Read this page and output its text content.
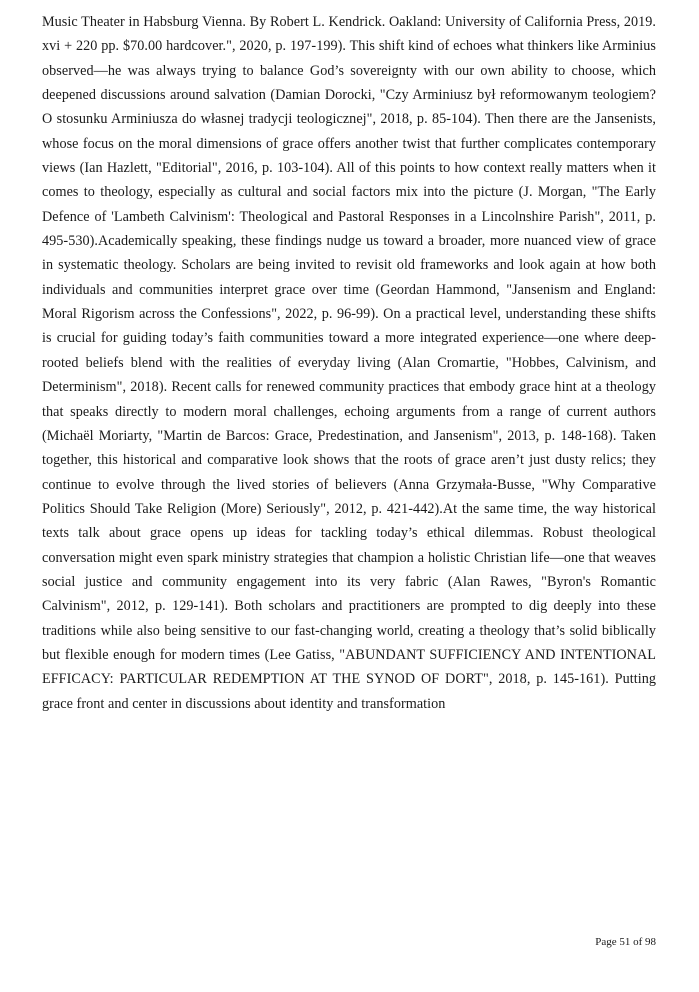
Music Theater in Habsburg Vienna. By Robert L. Kendrick. Oakland: University of California Press, 2019. xvi + 220 pp. $70.00 hardcover.", 2020, p. 197-199). This shift kind of echoes what thinkers like Arminius observed—he was always trying to balance God’s sovereignty with our own ability to choose, which deepened discussions around salvation (Damian Dorocki, "Czy Arminiusz był reformowanym teologiem? O stosunku Arminiusza do własnej tradycji teologicznej", 2018, p. 85-104). Then there are the Jansenists, whose focus on the moral dimensions of grace offers another twist that further complicates contemporary views (Ian Hazlett, "Editorial", 2016, p. 103-104). All of this points to how context really matters when it comes to theology, especially as cultural and social factors mix into the picture (J. Morgan, "The Early Defence of 'Lambeth Calvinism': Theological and Pastoral Responses in a Lincolnshire Parish", 2011, p. 495-530).Academically speaking, these findings nudge us toward a broader, more nuanced view of grace in systematic theology. Scholars are being invited to revisit old frameworks and look again at how both individuals and communities interpret grace over time (Geordan Hammond, "Jansenism and England: Moral Rigorism across the Confessions", 2022, p. 96-99). On a practical level, understanding these shifts is crucial for guiding today’s faith communities toward a more integrated experience—one where deep-rooted beliefs blend with the realities of everyday living (Alan Cromartie, "Hobbes, Calvinism, and Determinism", 2018). Recent calls for renewed community practices that embody grace hint at a theology that speaks directly to modern moral challenges, echoing arguments from a range of current authors (Michaël Moriarty, "Martin de Barcos: Grace, Predestination, and Jansenism", 2013, p. 148-168). Taken together, this historical and comparative look shows that the roots of grace aren’t just dusty relics; they continue to evolve through the lived stories of believers (Anna Grzymała-Busse, "Why Comparative Politics Should Take Religion (More) Seriously", 2012, p. 421-442).At the same time, the way historical texts talk about grace opens up ideas for tackling today’s ethical dilemmas. Robust theological conversation might even spark ministry strategies that champion a holistic Christian life—one that weaves social justice and community engagement into its very fabric (Alan Rawes, "Byron's Romantic Calvinism", 2012, p. 129-141). Both scholars and practitioners are prompted to dig deeply into these traditions while also being sensitive to our fast-changing world, creating a theology that’s solid biblically but flexible enough for modern times (Lee Gatiss, "ABUNDANT SUFFICIENCY AND INTENTIONAL EFFICACY: PARTICULAR REDEMPTION AT THE SYNOD OF DORT", 2018, p. 145-161). Putting grace front and center in discussions about identity and transformation

Page 51 of 98
